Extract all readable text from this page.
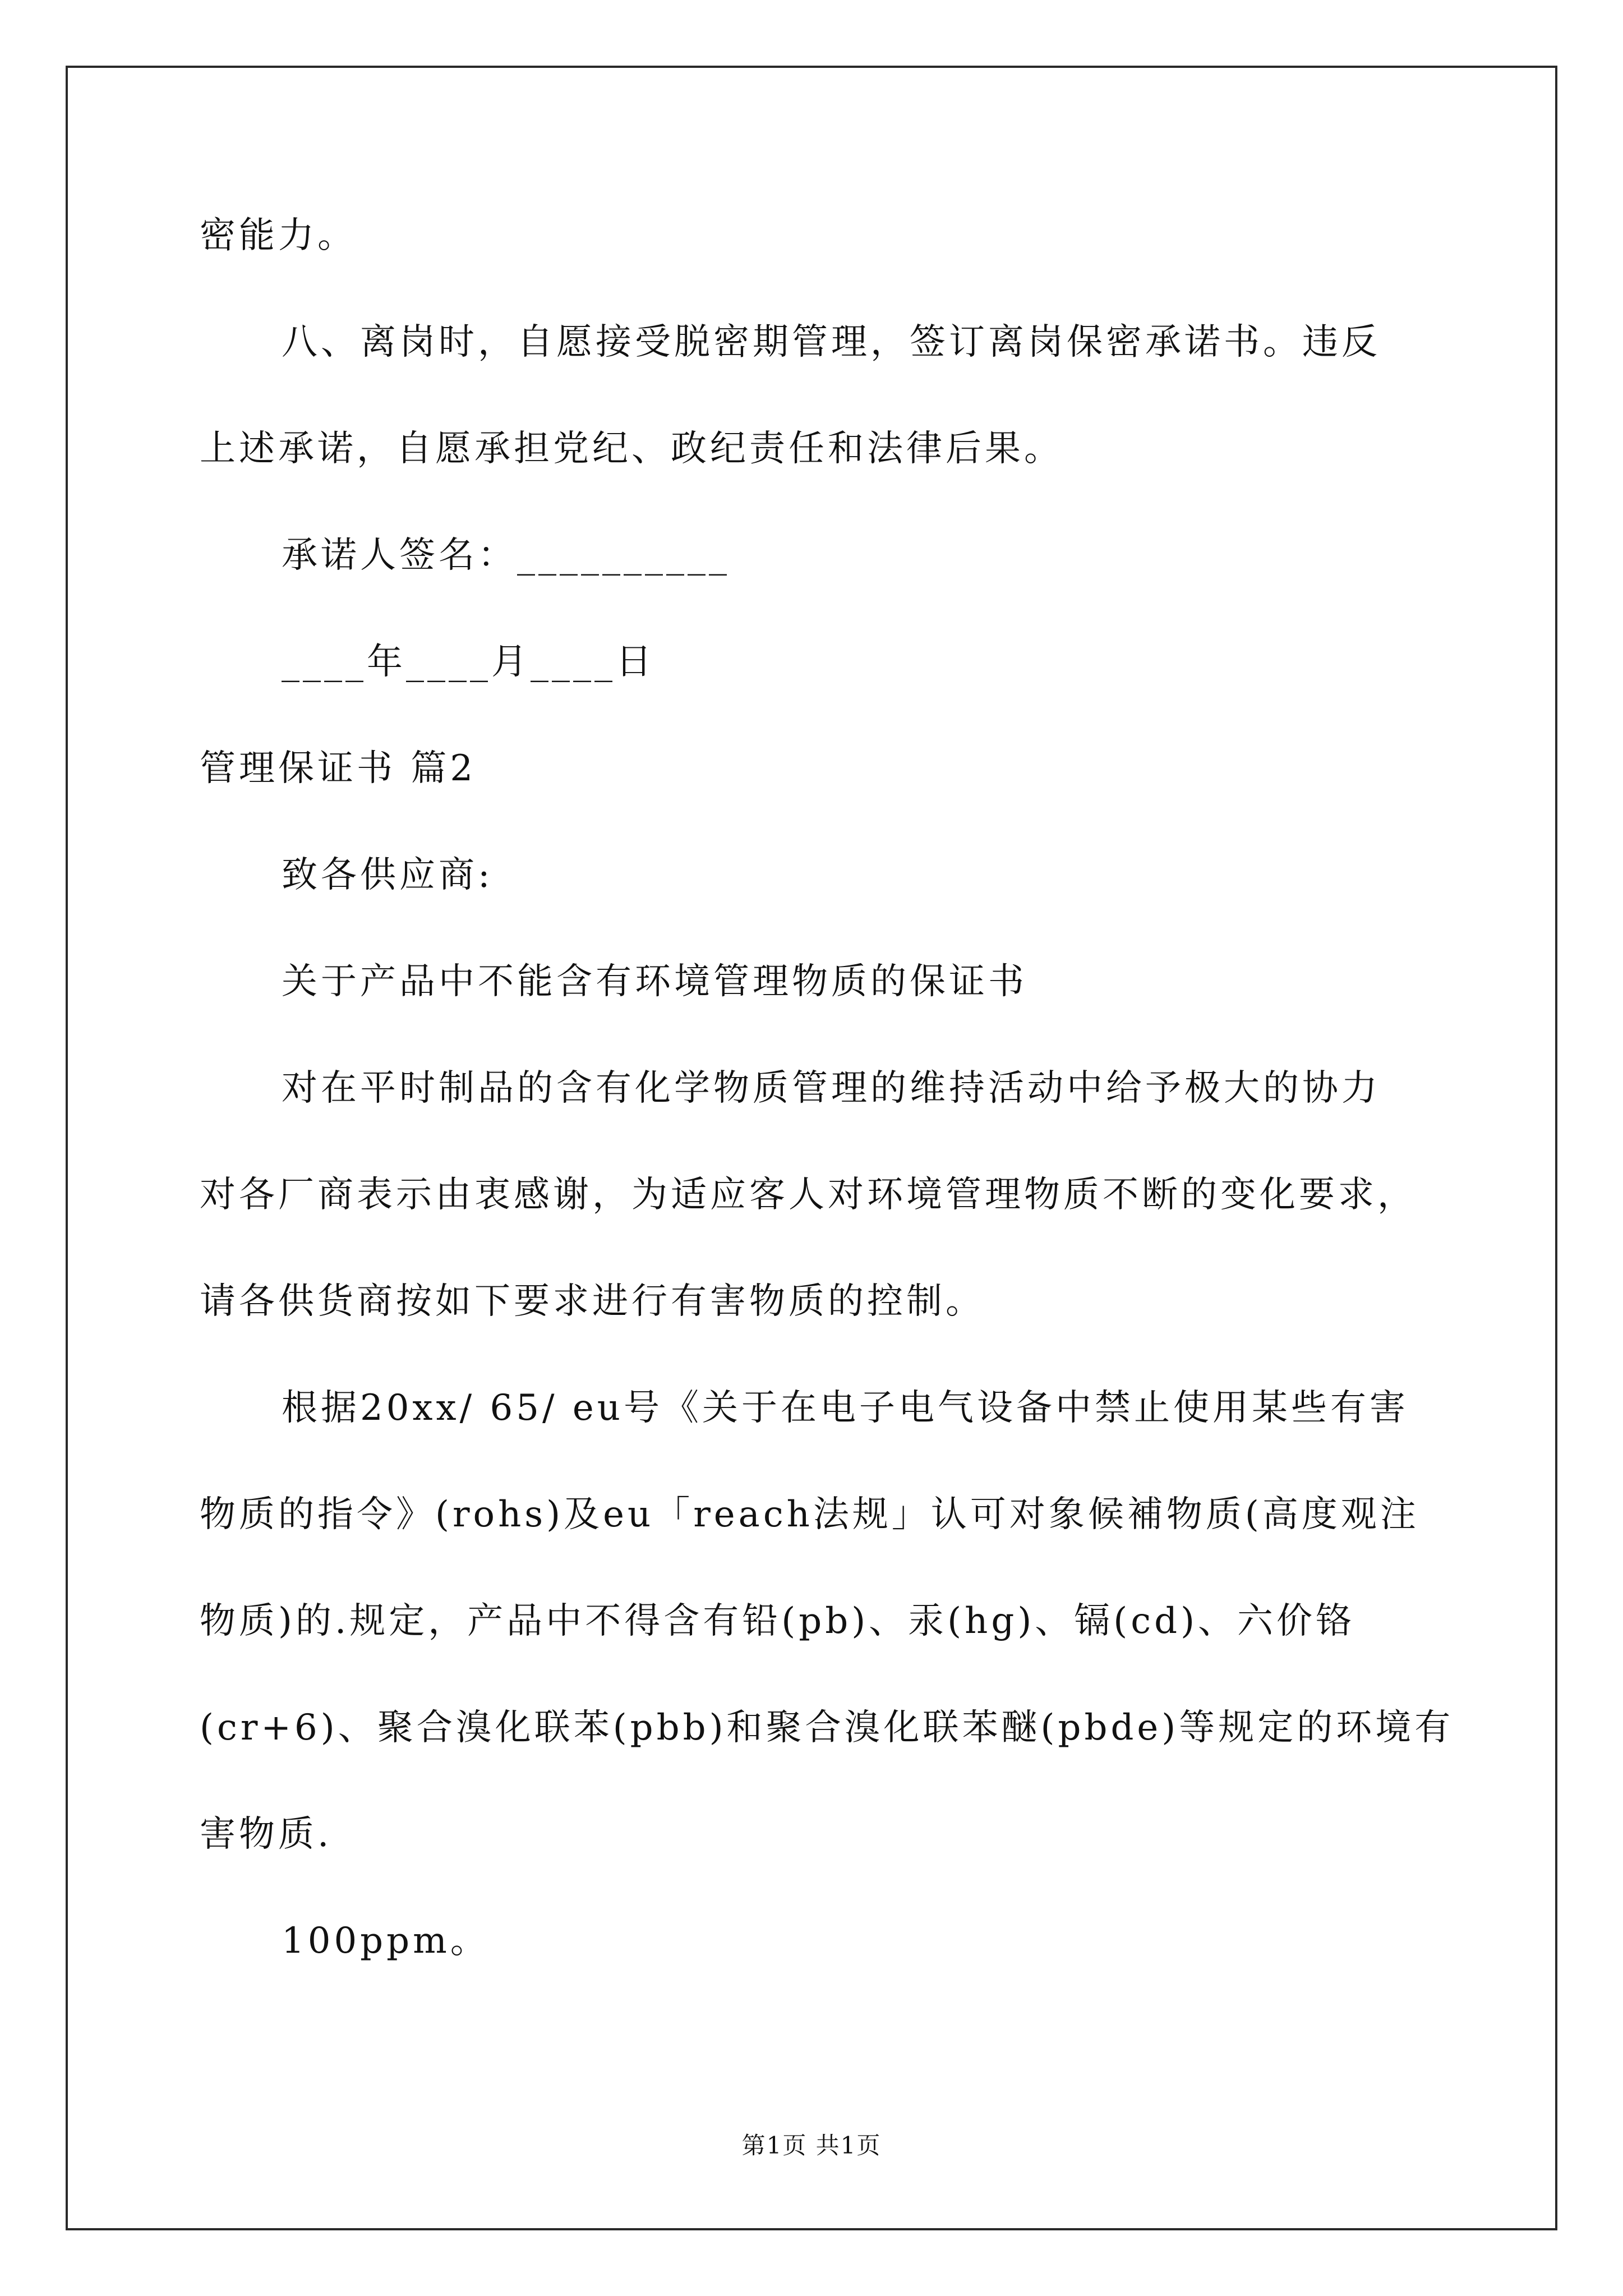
密能力。
八、离岗时，自愿接受脱密期管理，签订离岗保密承诺书。违反
上述承诺，自愿承担党纪、政纪责任和法律后果。
承诺人签名：__________
____年____月____日
管理保证书 篇2
致各供应商:
关于产品中不能含有环境管理物质的保证书
对在平时制品的含有化学物质管理的维持活动中给予极大的协力
对各厂商表示由衷感谢，为适应客人对环境管理物质不断的变化要求，
请各供货商按如下要求进行有害物质的控制。
根据20xx/ 65/ eu号《关于在电子电气设备中禁止使用某些有害
物质的指令》(rohs)及eu「reach法规」认可对象候補物质(高度观注
物质)的.规定，产品中不得含有铅(pb)、汞(hg)、镉(cd)、六价铬
(cr+6)、聚合溴化联苯(pbb)和聚合溴化联苯醚(pbde)等规定的环境有
害物质.
100ppm。
第1页 共1页
